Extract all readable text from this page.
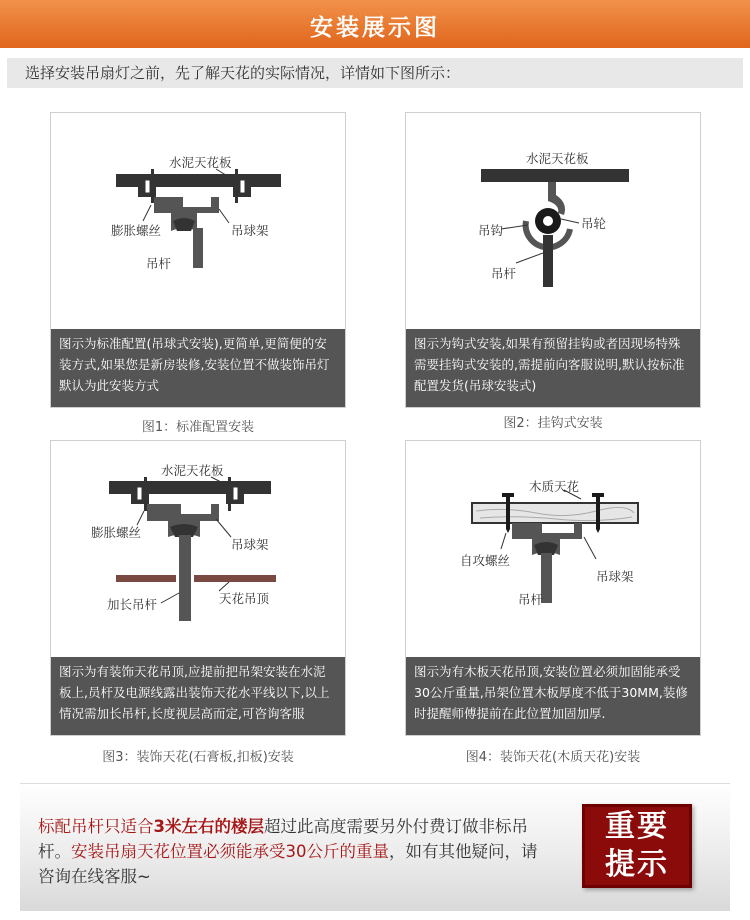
安装展示图
选择安装吊扇灯之前，先了解天花的实际情况，详情如下图所示：
水泥天花板
膨胀螺丝	吊球架
吊杆
图示为标准配置(吊球式安装),更简单,更简便的安装方式,如果您是新房装修,安装位置不做装饰吊灯默认为此安装方式
图1：标准配置安装
水泥天花板
吊钩	吊轮
吊杆
图示为钩式安装,如果有预留挂钩或者因现场特殊需要挂钩式安装的,需提前向客服说明,默认按标准配置发货(吊球安装式)
图2：挂钩式安装
水泥天花板
膨胀螺丝
吊球架
加长吊杆	天花吊顶
图示为有装饰天花吊顶,应提前把吊架安装在水泥板上,员杆及电源线露出装饰天花水平线以下,以上情况需加长吊杆,长度视层高而定,可咨询客服
图3：装饰天花(石膏板,扣板)安装
木质天花
自攻螺丝
吊球架
吊杆
图示为有木板天花吊顶,安装位置必须加固能承受30公斤重量,吊架位置木板厚度不低于30MM,装修时提醒师傅提前在此位置加固加厚.
图4：装饰天花(木质天花)安装
标配吊杆只适合3米左右的楼层超过此高度需要另外付费订做非标吊杆。安装吊扇天花位置必须能承受30公斤的重量，如有其他疑问，请咨询在线客服~
重要
提示
